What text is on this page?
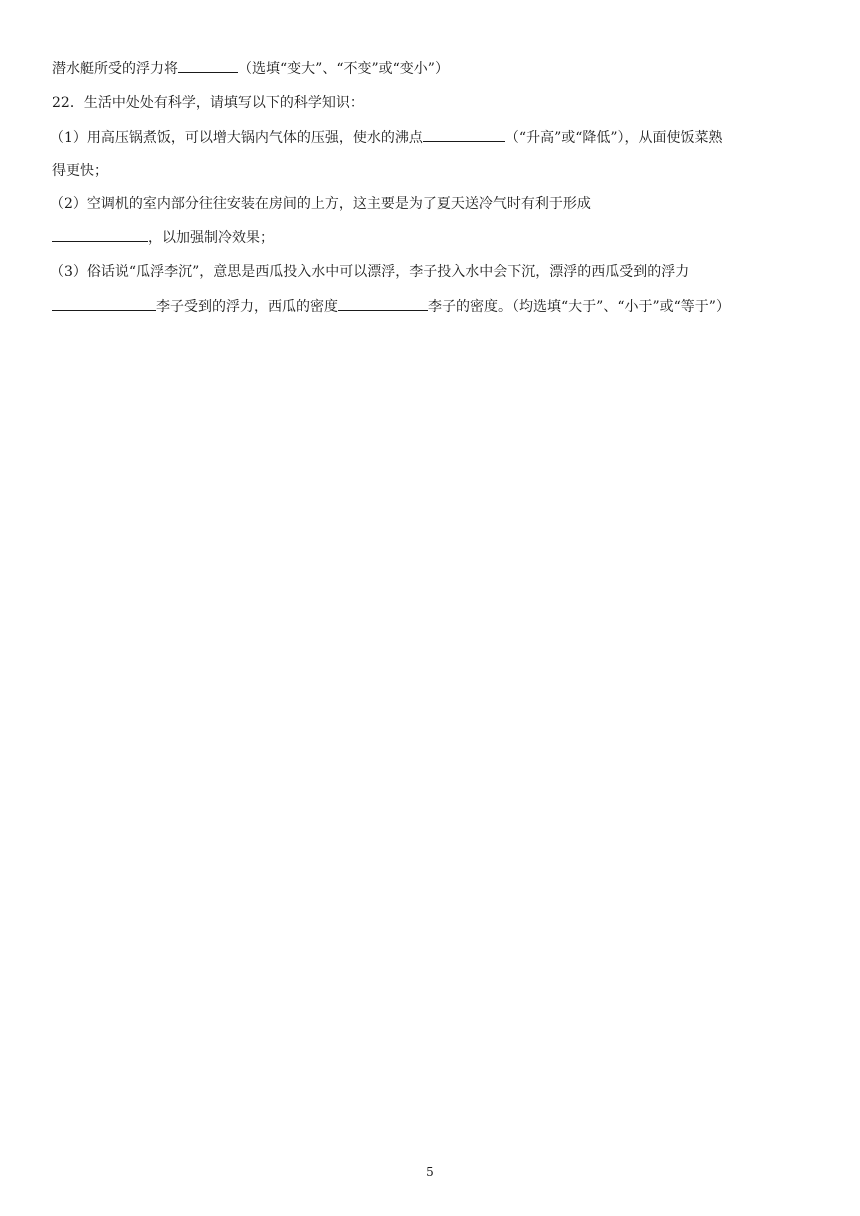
潜水艇所受的浮力将	（选填“变大”、“不变”或“变小”）
22．生活中处处有科学，请填写以下的科学知识：
（1）用高压锅煮饭，可以增大锅内气体的压强，使水的沸点	（“升高”或“降低”），从面使饭菜熟
得更快；
（2）空调机的室内部分往往安装在房间的上方，这主要是为了夏天送冷气时有利于形成
，以加强制冷效果；
（3）俗话说“瓜浮李沉”，意思是西瓜投入水中可以漂浮，李子投入水中会下沉，漂浮的西瓜受到的浮力
李子受到的浮力，西瓜的密度	李子的密度。（均选填“大于”、“小于”或“等于”）
5
